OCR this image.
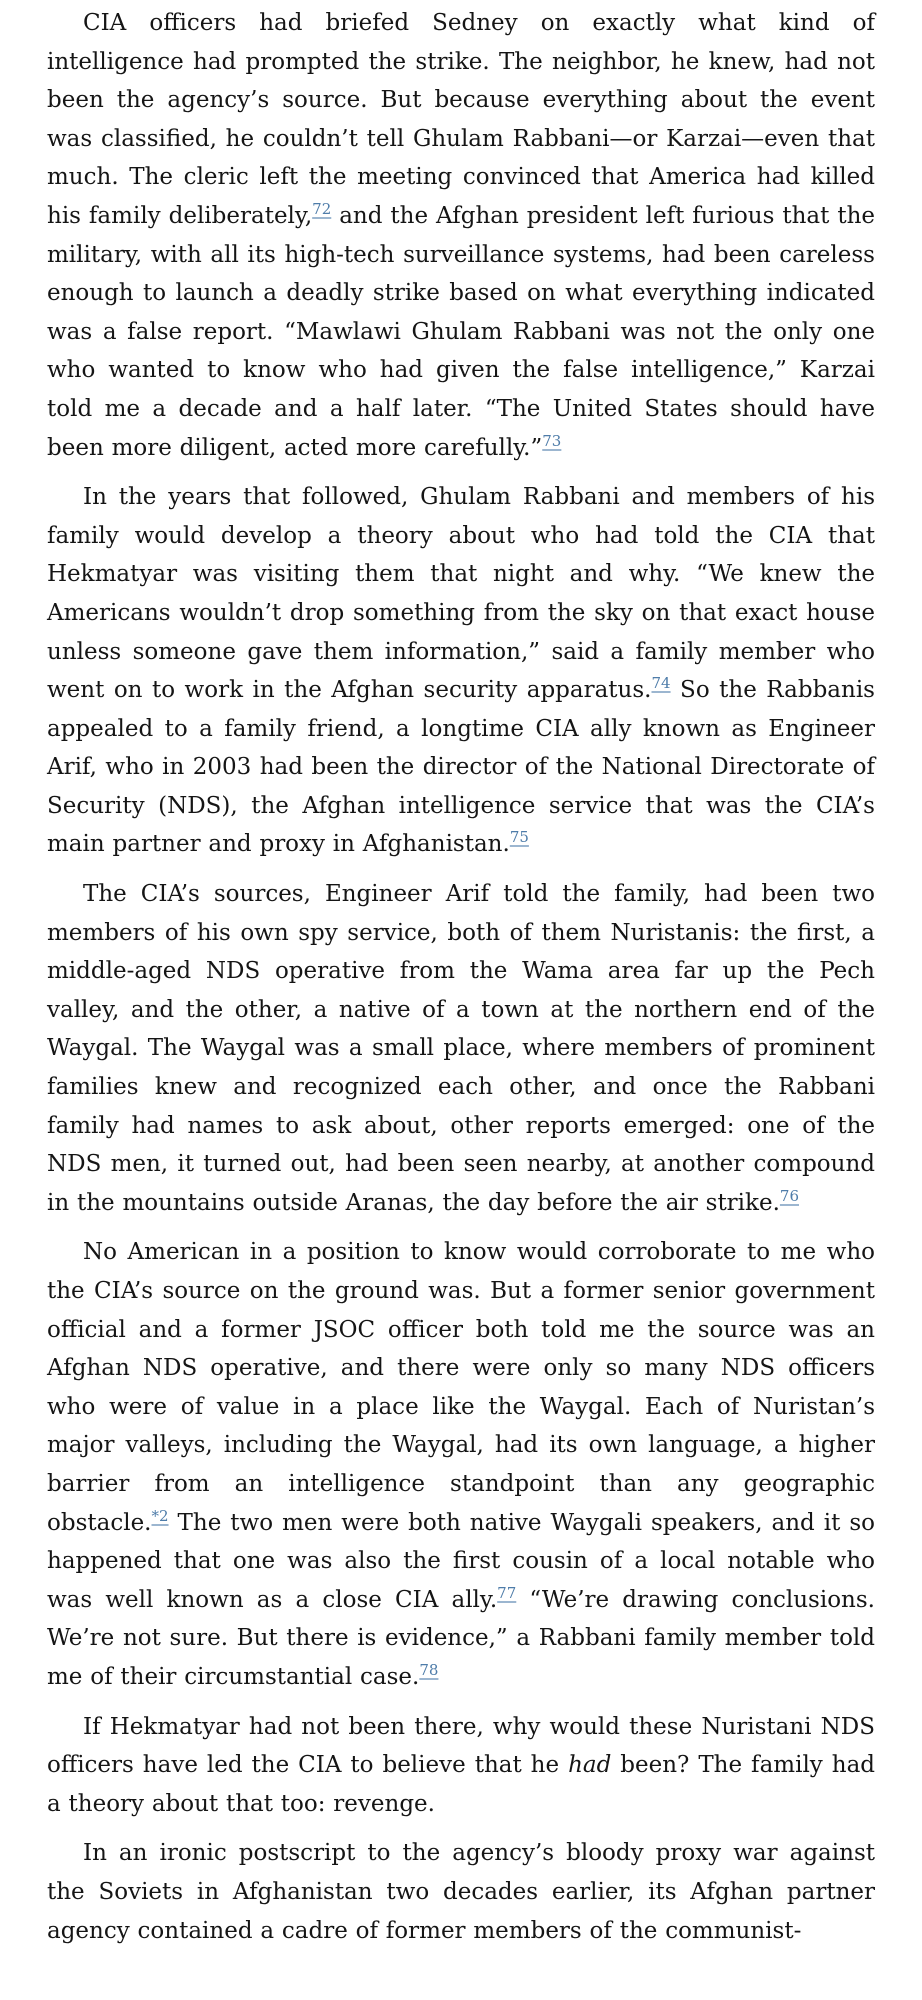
CIA officers had briefed Sedney on exactly what kind of intelligence had prompted the strike. The neighbor, he knew, had not been the agency’s source. But because everything about the event was classified, he couldn’t tell Ghulam Rabbani—or Karzai—even that much. The cleric left the meeting convinced that America had killed his family deliberately,$^{72}$ and the Afghan president left furious that the military, with all its high-tech surveillance systems, had been careless enough to launch a deadly strike based on what everything indicated was a false report. “Mawlawi Ghulam Rabbani was not the only one who wanted to know who had given the false intelligence,” Karzai told me a decade and a half later. “The United States should have been more diligent, acted more carefully.”$^{73}$

In the years that followed, Ghulam Rabbani and members of his family would develop a theory about who had told the CIA that Hekmatyar was visiting them that night and why. “We knew the Americans wouldn’t drop something from the sky on that exact house unless someone gave them information,” said a family member who went on to work in the Afghan security apparatus.$^{74}$ So the Rabbanis appealed to a family friend, a longtime CIA ally known as Engineer Arif, who in 2003 had been the director of the National Directorate of Security (NDS), the Afghan intelligence service that was the CIA’s main partner and proxy in Afghanistan.$^{75}$

The CIA’s sources, Engineer Arif told the family, had been two members of his own spy service, both of them Nuristanis: the first, a middle-aged NDS operative from the Wama area far up the Pech valley, and the other, a native of a town at the northern end of the Waygal. The Waygal was a small place, where members of prominent families knew and recognized each other, and once the Rabbani family had names to ask about, other reports emerged: one of the NDS men, it turned out, had been seen nearby, at another compound in the mountains outside Aranas, the day before the air strike.$^{76}$

No American in a position to know would corroborate to me who the CIA’s source on the ground was. But a former senior government official and a former JSOC officer both told me the source was an Afghan NDS operative, and there were only so many NDS officers who were of value in a place like the Waygal. Each of Nuristan’s major valleys, including the Waygal, had its own language, a higher barrier from an intelligence standpoint than any geographic obstacle.$^{*2}$ The two men were both native Waygali speakers, and it so happened that one was also the first cousin of a local notable who was well known as a close CIA ally.$^{77}$ “We’re drawing conclusions. We’re not sure. But there is evidence,” a Rabbani family member told me of their circumstantial case.$^{78}$

If Hekmatyar had not been there, why would these Nuristani NDS officers have led the CIA to believe that he had been? The family had a theory about that too: revenge.

In an ironic postscript to the agency’s bloody proxy war against the Soviets in Afghanistan two decades earlier, its Afghan partner agency contained a cadre of former members of the communist-
